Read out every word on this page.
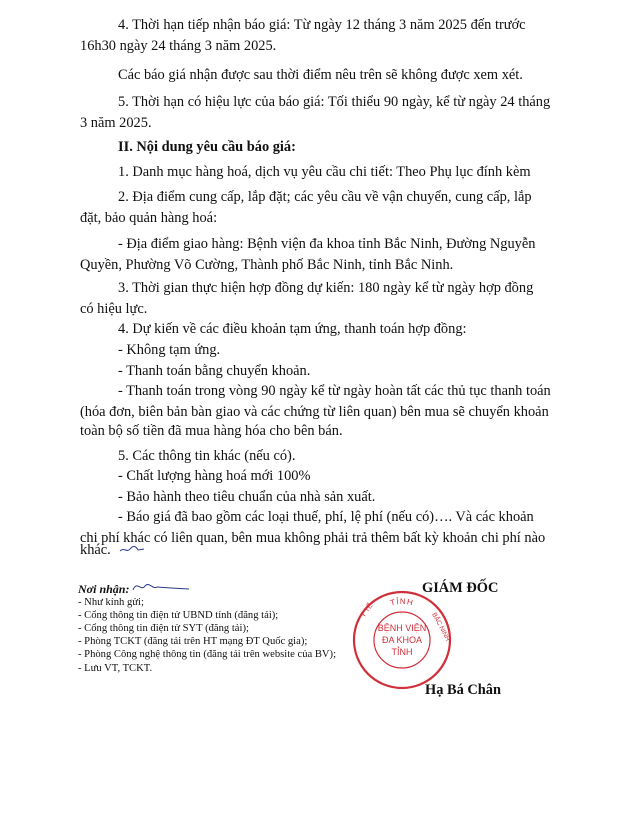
4. Thời hạn tiếp nhận báo giá: Từ ngày 12 tháng 3 năm 2025 đến trước

16h30 ngày 24 tháng 3 năm 2025.

Các báo giá nhận được sau thời điểm nêu trên sẽ không được xem xét.

5. Thời hạn có hiệu lực của báo giá: Tối thiểu 90 ngày, kể từ ngày 24 tháng

3 năm 2025.

II. Nội dung yêu cầu báo giá:

1. Danh mục hàng hoá, dịch vụ yêu cầu chi tiết: Theo Phụ lục đính kèm

2. Địa điểm cung cấp, lắp đặt; các yêu cầu về vận chuyển, cung cấp, lắp

đặt, bảo quản hàng hoá:

- Địa điểm giao hàng: Bệnh viện đa khoa tỉnh Bắc Ninh, Đường Nguyễn

Quyền, Phường Võ Cường, Thành phố Bắc Ninh, tỉnh Bắc Ninh.

3. Thời gian thực hiện hợp đồng dự kiến: 180 ngày kể từ ngày hợp đồng

có hiệu lực.

4. Dự kiến về các điều khoản tạm ứng, thanh toán hợp đồng:

- Không tạm ứng.

- Thanh toán bằng chuyển khoản.

- Thanh toán trong vòng 90 ngày kể từ ngày hoàn tất các thủ tục thanh toán

(hóa đơn, biên bản bàn giao và các chứng từ liên quan) bên mua sẽ chuyển khoản

toàn bộ số tiền đã mua hàng hóa cho bên bán.

5. Các thông tin khác (nếu có).

- Chất lượng hàng hoá mới 100%

- Bảo hành theo tiêu chuẩn của nhà sản xuất.

- Báo giá đã bao gồm các loại thuế, phí, lệ phí (nếu có)…. Và các khoản

chi phí khác có liên quan, bên mua không phải trả thêm bất kỳ khoản chi phí nào

khác.

Nơi nhận:
- Như kính gửi;
- Cổng thông tin điện tử UBND tỉnh (đăng tải);
- Cổng thông tin điện tử SYT (đăng tải);
- Phòng TCKT (đăng tải trên HT mạng ĐT Quốc gia);
- Phòng Công nghệ thông tin (đăng tải trên website của BV);
- Lưu VT, TCKT.
GIÁM ĐỐC
TỈNH
Y TẾ
BẮC NINH
BỆNH VIỆN
ĐA KHOA
TỈNH
Hạ Bá Chân
